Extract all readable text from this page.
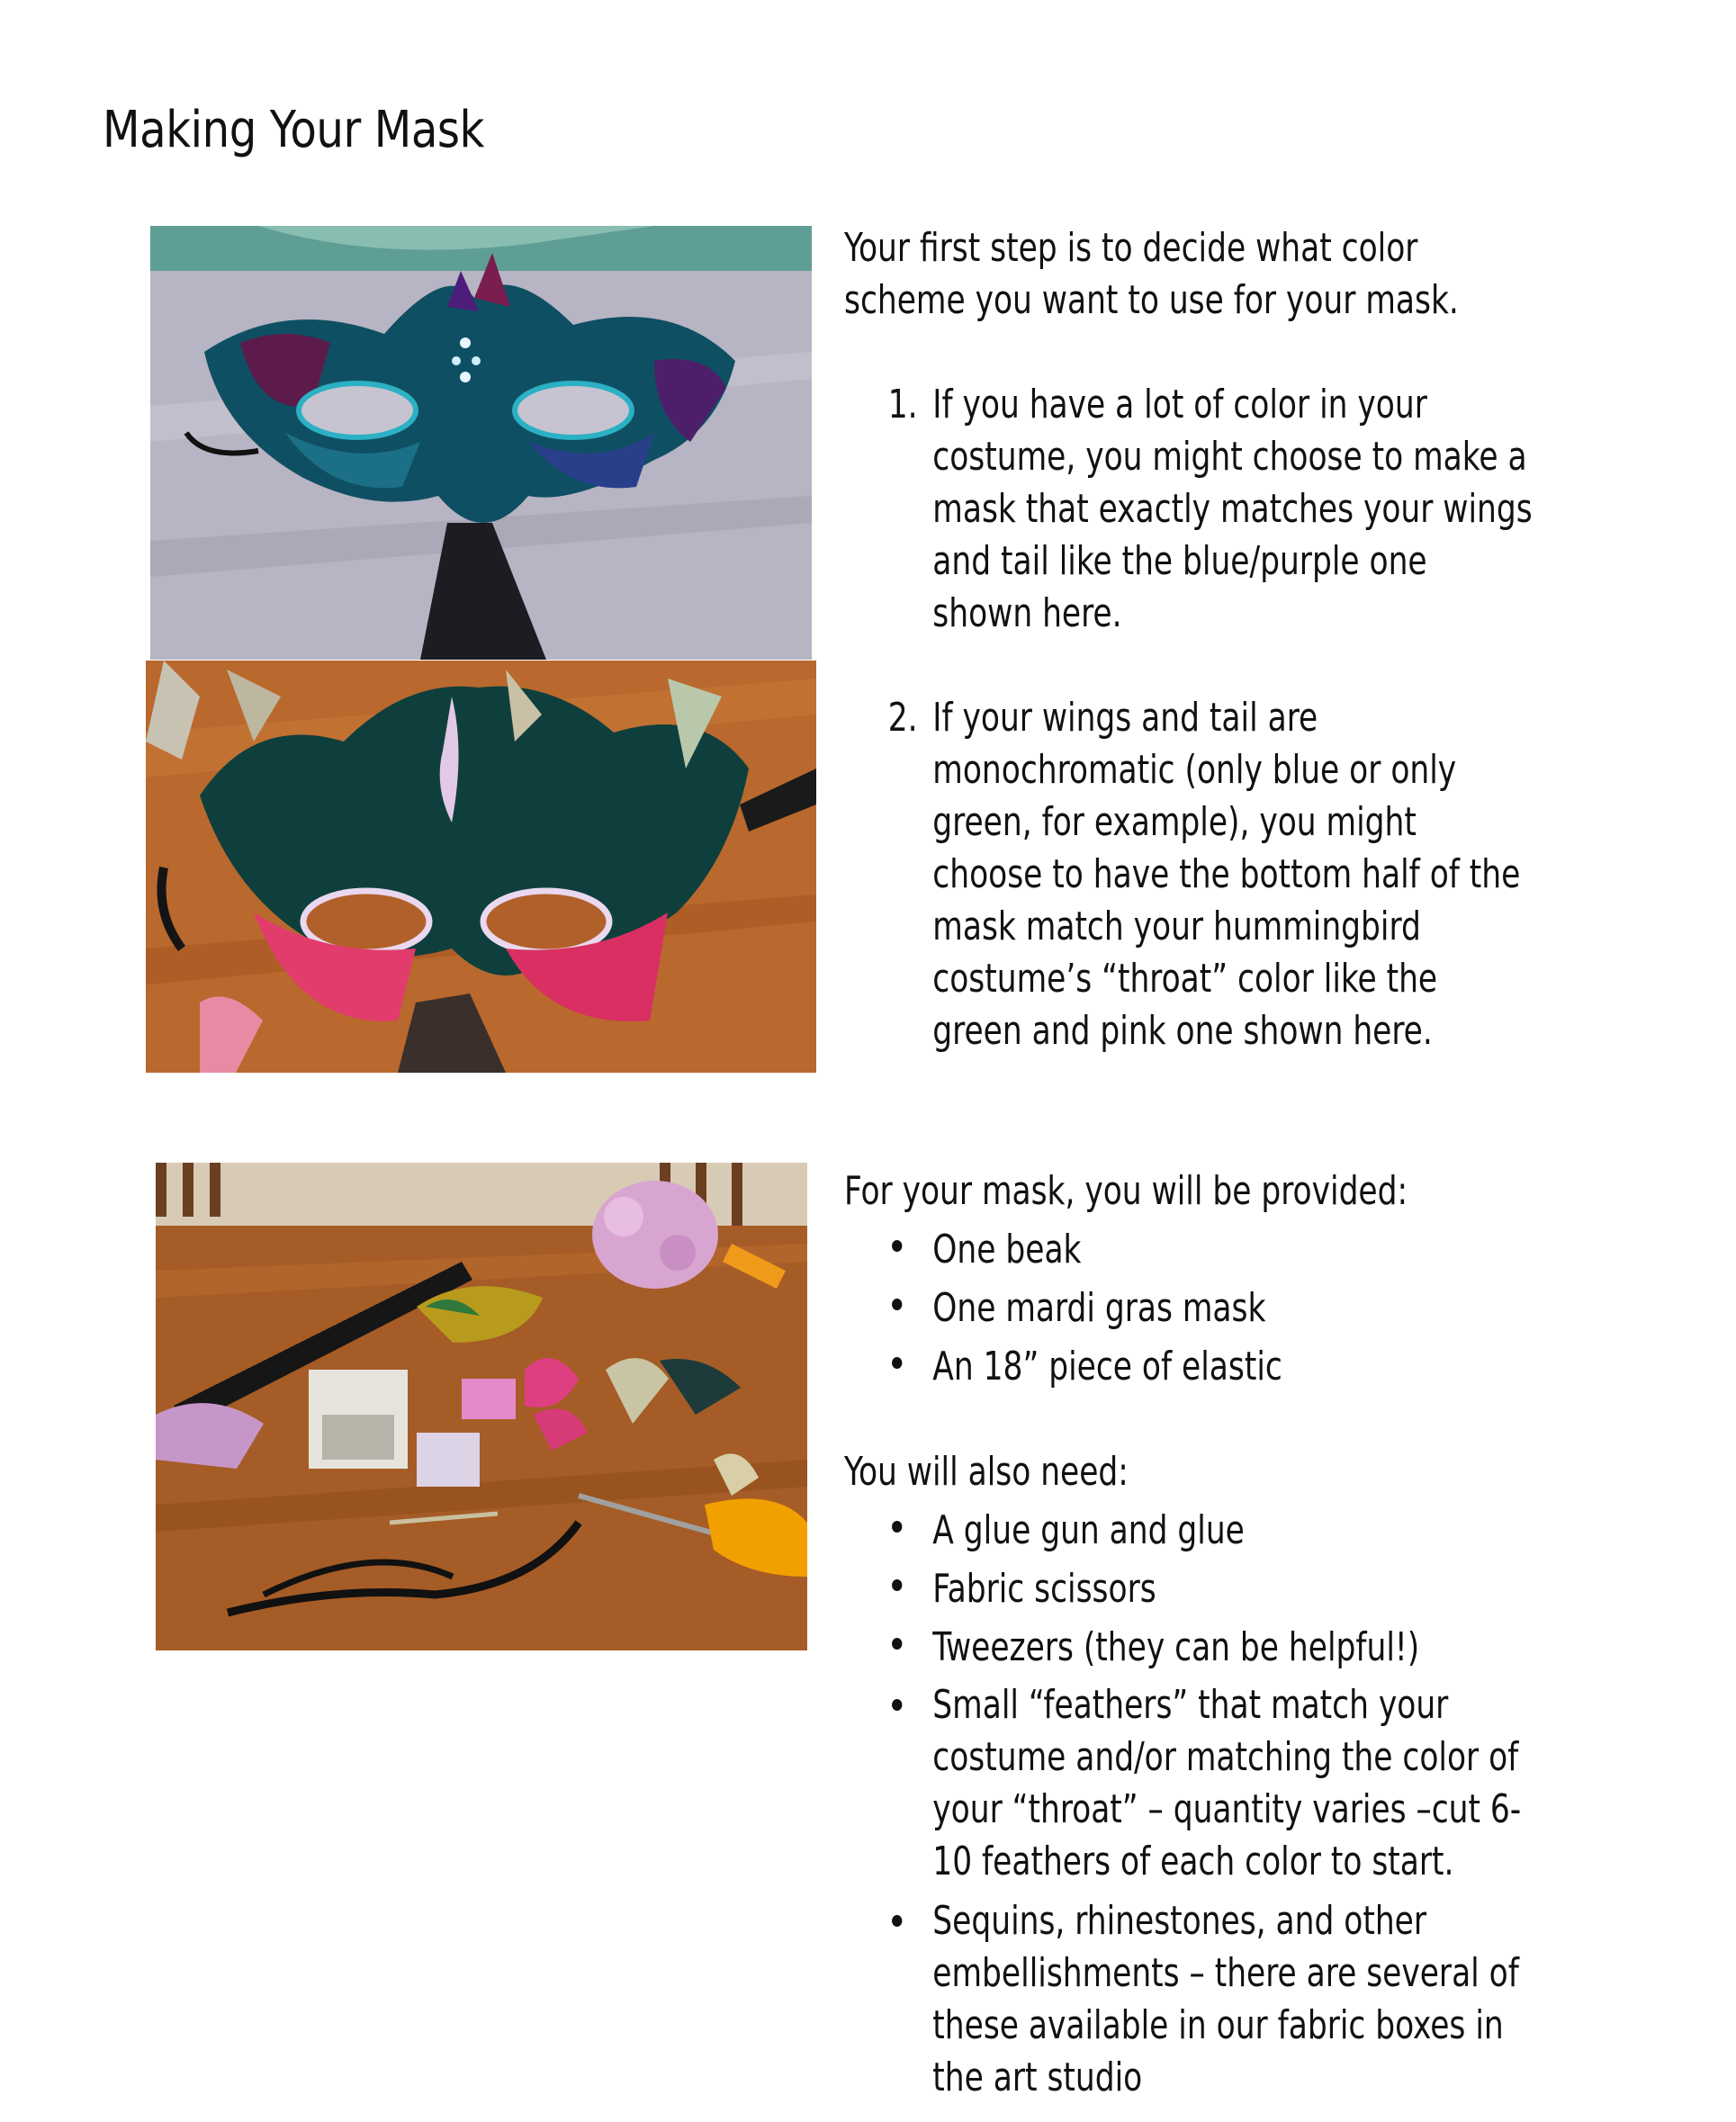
Making Your Mask

Your first step is to decide what color scheme you want to use for your mask.

1. If you have a lot of color in your costume, you might choose to make a mask that exactly matches your wings and tail like the blue/purple one shown here.
2. If your wings and tail are monochromatic (only blue or only green, for example), you might choose to have the bottom half of the mask match your hummingbird costume’s “throat” color like the green and pink one shown here.

For your mask, you will be provided:

One beak
One mardi gras mask
An 18” piece of elastic

You will also need:

A glue gun and glue
Fabric scissors
Tweezers (they can be helpful!)
Small “feathers” that match your costume and/or matching the color of your “throat” – quantity varies –cut 6-10 feathers of each color to start.
Sequins, rhinestones, and other embellishments – there are several of these available in our fabric boxes in the art studio
